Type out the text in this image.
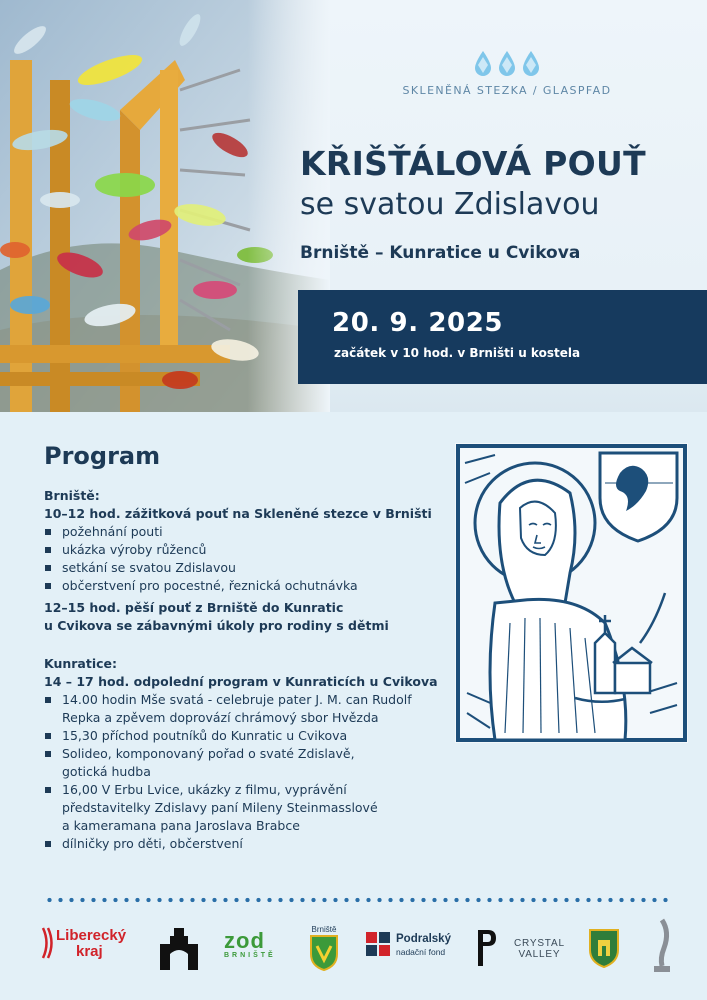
SKLENĚNÁ STEZKA / GLASPFAD
KŘIŠŤÁLOVÁ POUŤ
se svatou Zdislavou
Brniště – Kunratice u Cvikova
20. 9. 2025
začátek v 10 hod. v Brništi u kostela
Program
Brniště:
10–12 hod. zážitková pouť na Skleněné stezce v Brništi
požehnání pouti
ukázka výroby růženců
setkání se svatou Zdislavou
občerstvení pro pocestné, řeznická ochutnávka
12–15 hod. pěší pouť z Brniště do Kunratic
u Cvikova se zábavnými úkoly pro rodiny s dětmi
Kunratice:
14 – 17 hod. odpolední program v Kunraticích u Cvikova
14.00 hodin Mše svatá - celebruje pater J. M. can Rudolf
Repka a zpěvem doprovází chrámový sbor Hvězda
15,30 příchod poutníků do Kunratic u Cvikova
Solideo, komponovaný pořad o svaté Zdislavě,
gotická hudba
16,00 V Erbu Lvice, ukázky z filmu, vyprávění
představitelky Zdislavy paní Mileny Steinmasslové
a kameramana pana Jaroslava Brabce
dílničky pro děti, občerstvení
Liberecký
kraj	zod
BRNIŠTĚ
Brniště
Podralský
nadační fond
CRYSTAL
VALLEY
